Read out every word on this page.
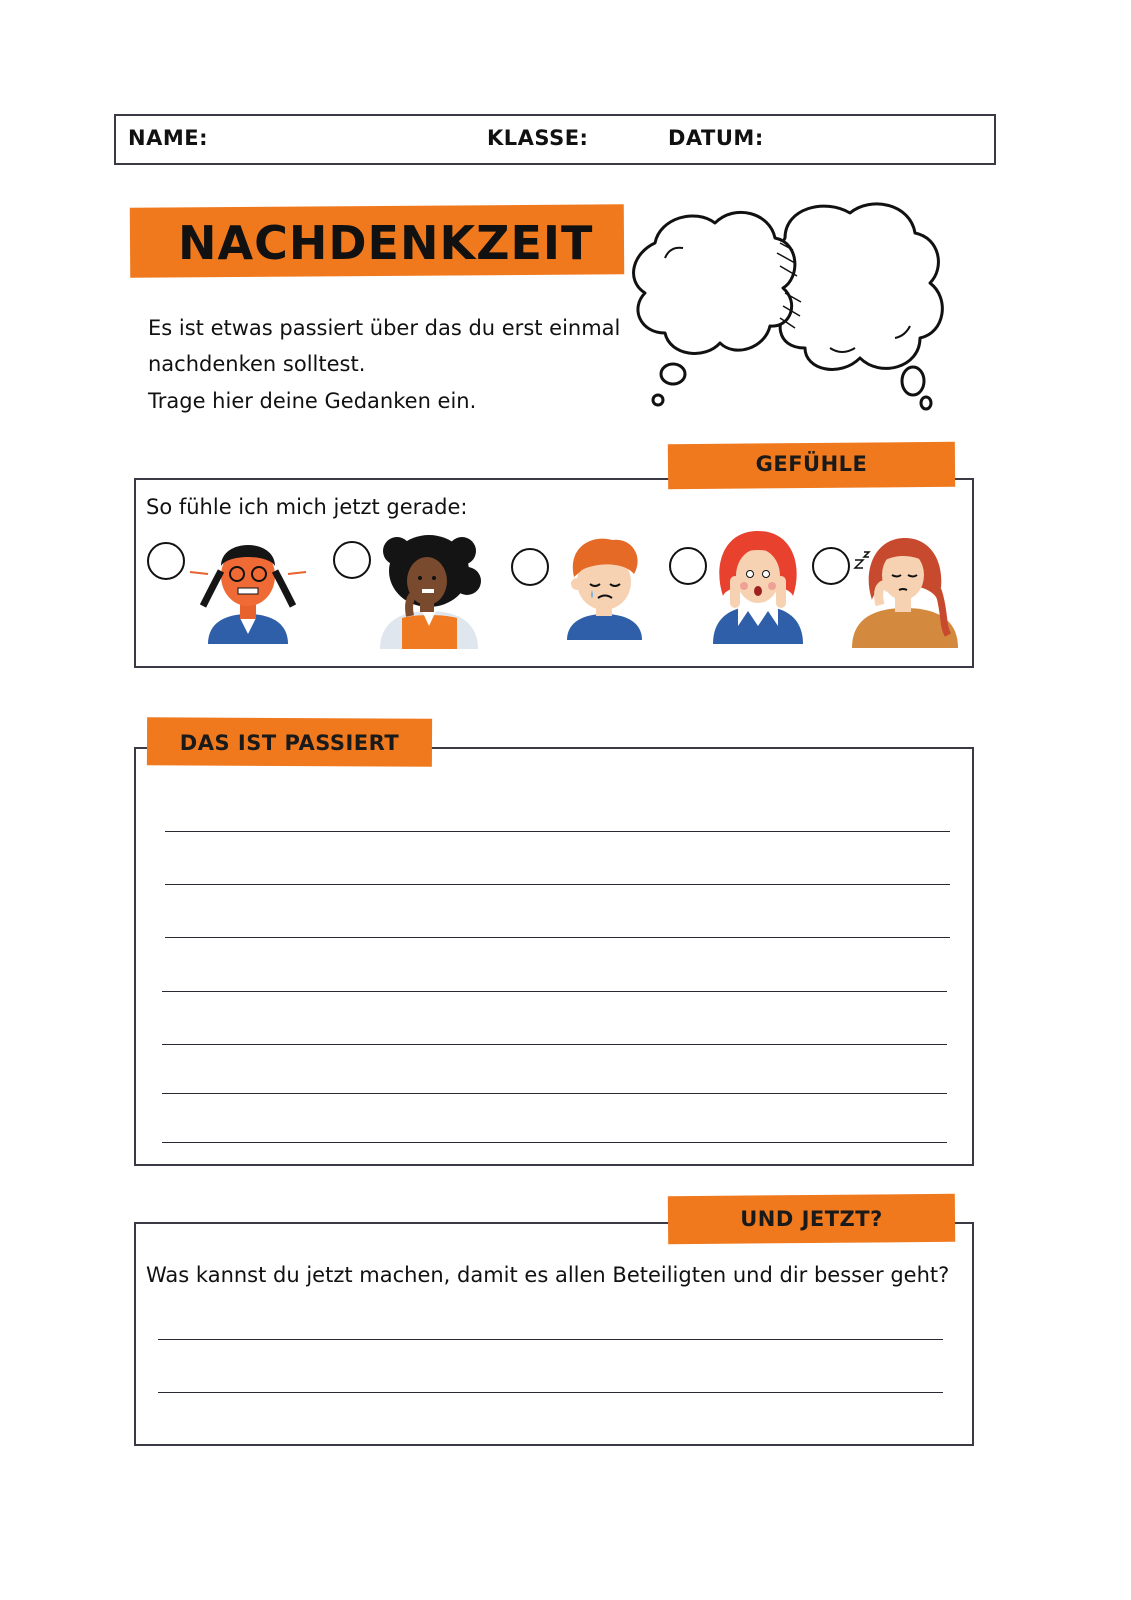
NAME:	KLASSE:	DATUM:
NACHDENKZEIT
Es ist etwas passiert über das du erst einmal
nachdenken solltest.
Trage hier deine Gedanken ein.
GEFÜHLE
So fühle ich mich jetzt gerade:
DAS IST PASSIERT
UND JETZT?
Was kannst du jetzt machen, damit es allen Beteiligten und dir besser geht?
